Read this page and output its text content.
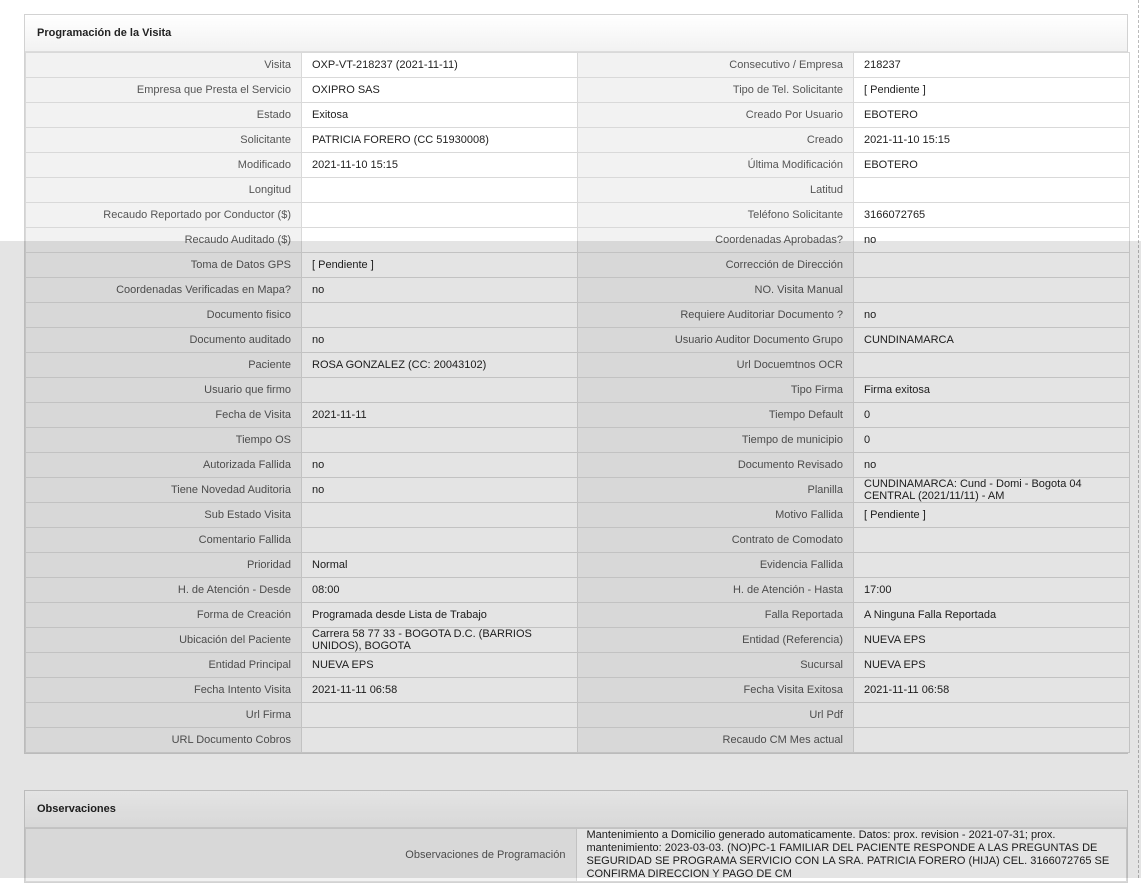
Programación de la Visita
Visita	OXP-VT-218237 (2021-11-11)	Consecutivo / Empresa	218237
Empresa que Presta el Servicio	OXIPRO SAS	Tipo de Tel. Solicitante	[ Pendiente ]
Estado	Exitosa	Creado Por Usuario	EBOTERO
Solicitante	PATRICIA FORERO (CC 51930008)	Creado	2021-11-10 15:15
Modificado	2021-11-10 15:15	Última Modificación	EBOTERO
Longitud		Latitud	
Recaudo Reportado por Conductor ($)		Teléfono Solicitante	3166072765
Recaudo Auditado ($)		Coordenadas Aprobadas?	no
Toma de Datos GPS	[ Pendiente ]	Corrección de Dirección	
Coordenadas Verificadas en Mapa?	no	NO. Visita Manual	
Documento fisico		Requiere Auditoriar Documento ?	no
Documento auditado	no	Usuario Auditor Documento Grupo	CUNDINAMARCA
Paciente	ROSA GONZALEZ (CC: 20043102)	Url Docuemtnos OCR	
Usuario que firmo		Tipo Firma	Firma exitosa
Fecha de Visita	2021-11-11	Tiempo Default	0
Tiempo OS		Tiempo de municipio	0
Autorizada Fallida	no	Documento Revisado	no
Tiene Novedad Auditoria	no	Planilla	CUNDINAMARCA: Cund - Domi - Bogota 04 CENTRAL (2021/11/11) - AM
Sub Estado Visita		Motivo Fallida	[ Pendiente ]
Comentario Fallida		Contrato de Comodato	
Prioridad	Normal	Evidencia Fallida	
H. de Atención - Desde	08:00	H. de Atención - Hasta	17:00
Forma de Creación	Programada desde Lista de Trabajo	Falla Reportada	A Ninguna Falla Reportada
Ubicación del Paciente	Carrera 58 77 33 - BOGOTA D.C. (BARRIOS UNIDOS), BOGOTA	Entidad (Referencia)	NUEVA EPS
Entidad Principal	NUEVA EPS	Sucursal	NUEVA EPS
Fecha Intento Visita	2021-11-11 06:58	Fecha Visita Exitosa	2021-11-11 06:58
Url Firma		Url Pdf	
URL Documento Cobros		Recaudo CM Mes actual	
Observaciones
Observaciones de Programación	Mantenimiento a Domicilio generado automaticamente. Datos: prox. revision - 2021-07-31; prox. mantenimiento: 2023-03-03. (NO)PC-1 FAMILIAR DEL PACIENTE RESPONDE A LAS PREGUNTAS DE SEGURIDAD SE PROGRAMA SERVICIO CON LA SRA. PATRICIA FORERO (HIJA) CEL. 3166072765 SE CONFIRMA DIRECCION Y PAGO DE CM
